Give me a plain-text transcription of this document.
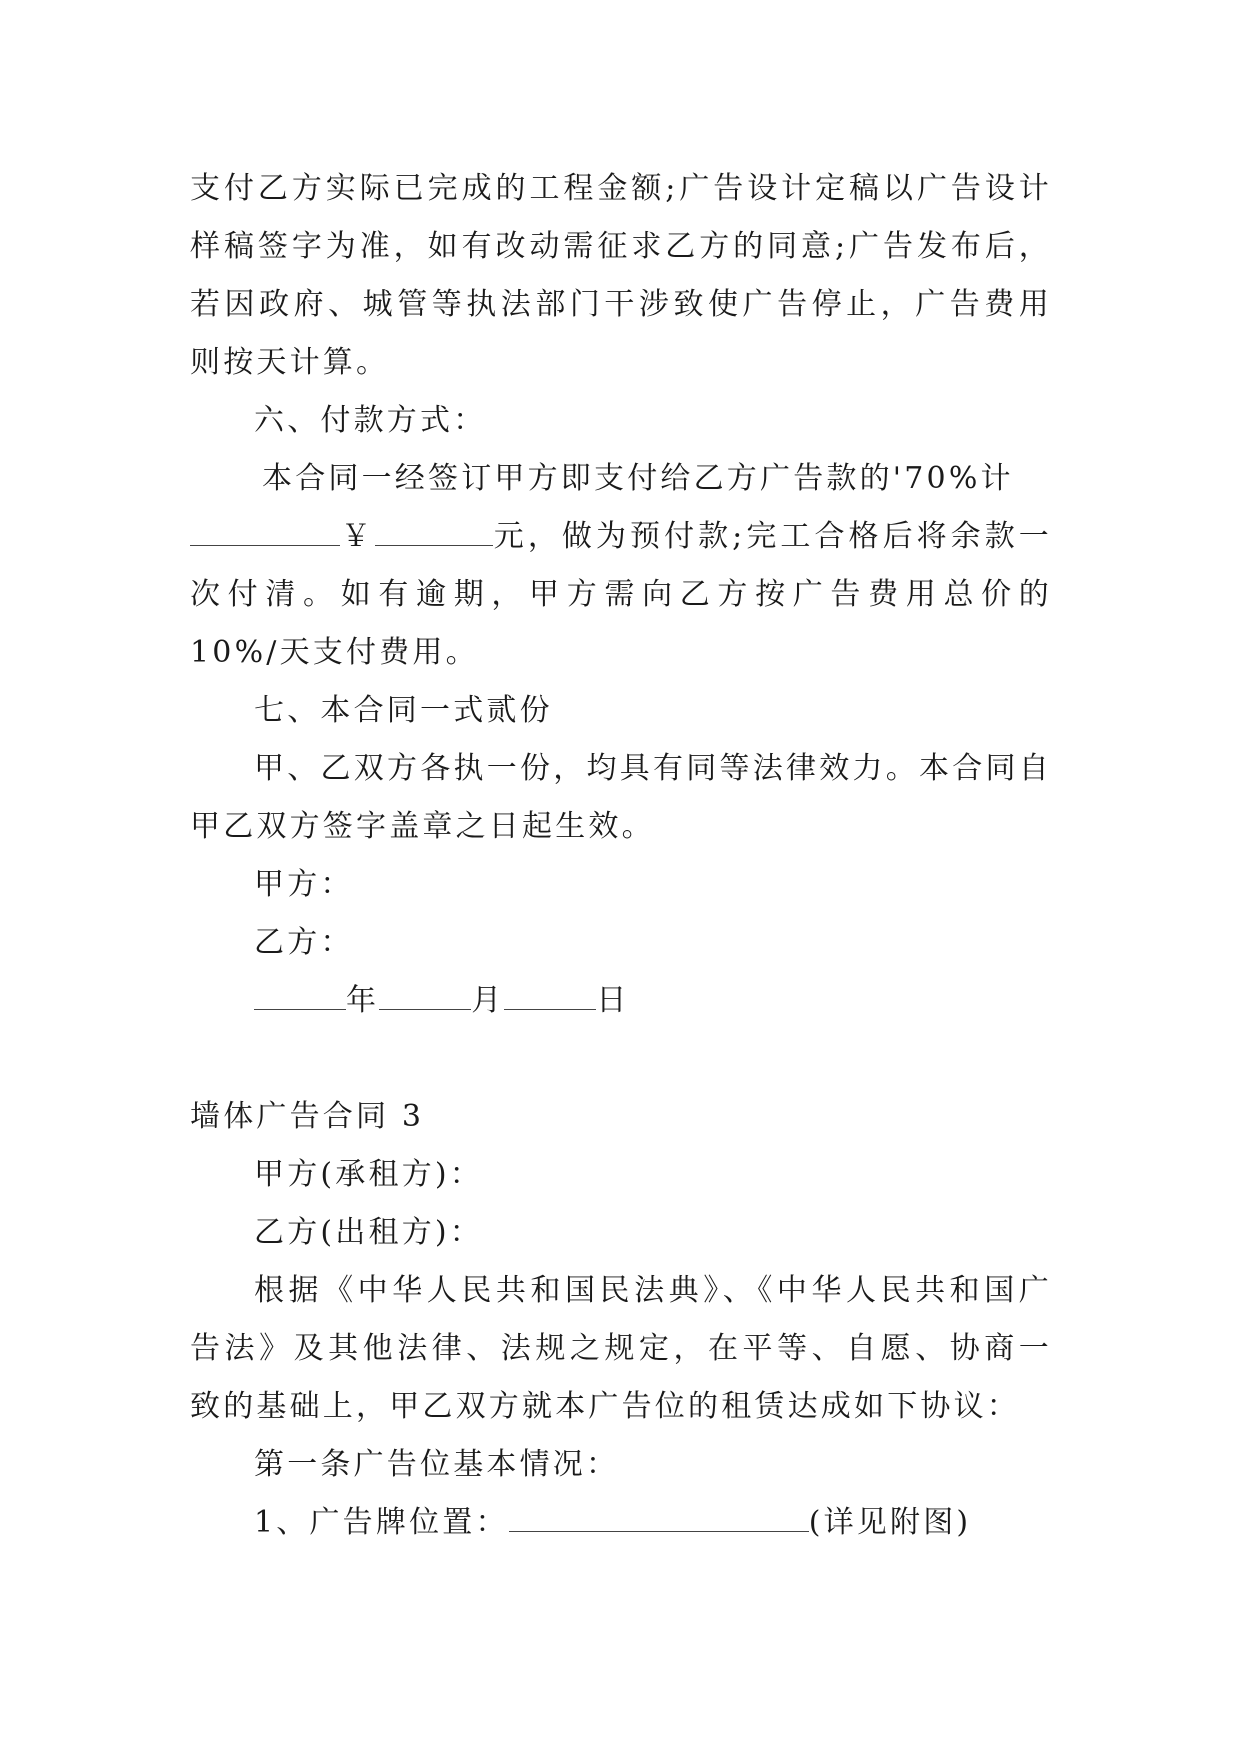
支付乙方实际已完成的工程金额;广告设计定稿以广告设计样稿签字为准，如有改动需征求乙方的同意;广告发布后，若因政府、城管等执法部门干涉致使广告停止，广告费用则按天计算。

六、付款方式：

本合同一经签订甲方即支付给乙方广告款的'70%计
￥	元，做为预付款;完工合格后将余款一次付清。如有逾期，甲方需向乙方按广告费用总价的 10%/天支付费用。

七、本合同一式贰份

甲、乙双方各执一份，均具有同等法律效力。本合同自甲乙双方签字盖章之日起生效。

甲方：

乙方：

年	月	日

墙体广告合同 3

甲方(承租方)：

乙方(出租方)：

根据《中华人民共和国民法典》、《中华人民共和国广告法》及其他法律、法规之规定，在平等、自愿、协商一致的基础上，甲乙双方就本广告位的租赁达成如下协议：

第一条广告位基本情况：

1、广告牌位置：	(详见附图)
